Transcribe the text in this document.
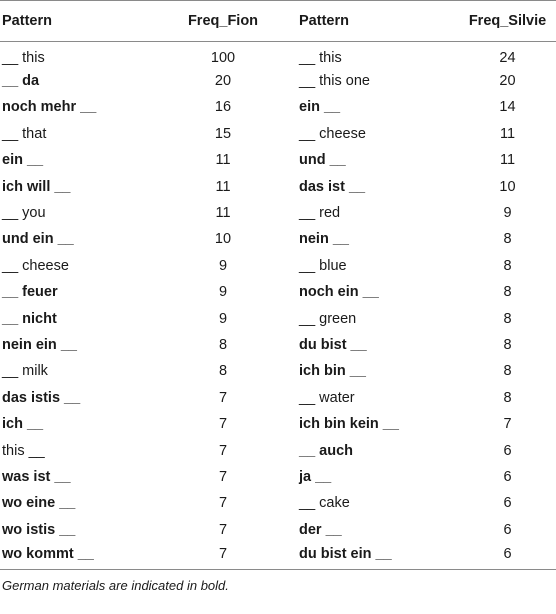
Pattern	Freq_Fion	Pattern	Freq_Silvie
__ this	100	__ this	24
__ da	20	__ this one	20
noch mehr __	16	ein __	14
__ that	15	__ cheese	11
ein __	11	und __	11
ich will __	11	das ist __	10
__ you	11	__ red	9
und ein __	10	nein __	8
__ cheese	9	__ blue	8
__ feuer	9	noch ein __	8
__ nicht	9	__ green	8
nein ein __	8	du bist __	8
__ milk	8	ich bin __	8
das istis __	7	__ water	8
ich __	7	ich bin kein __	7
this __	7	__ auch	6
was ist __	7	ja __	6
wo eine __	7	__ cake	6
wo istis __	7	der __	6
wo kommt __	7	du bist ein __	6
German materials are indicated in bold.
